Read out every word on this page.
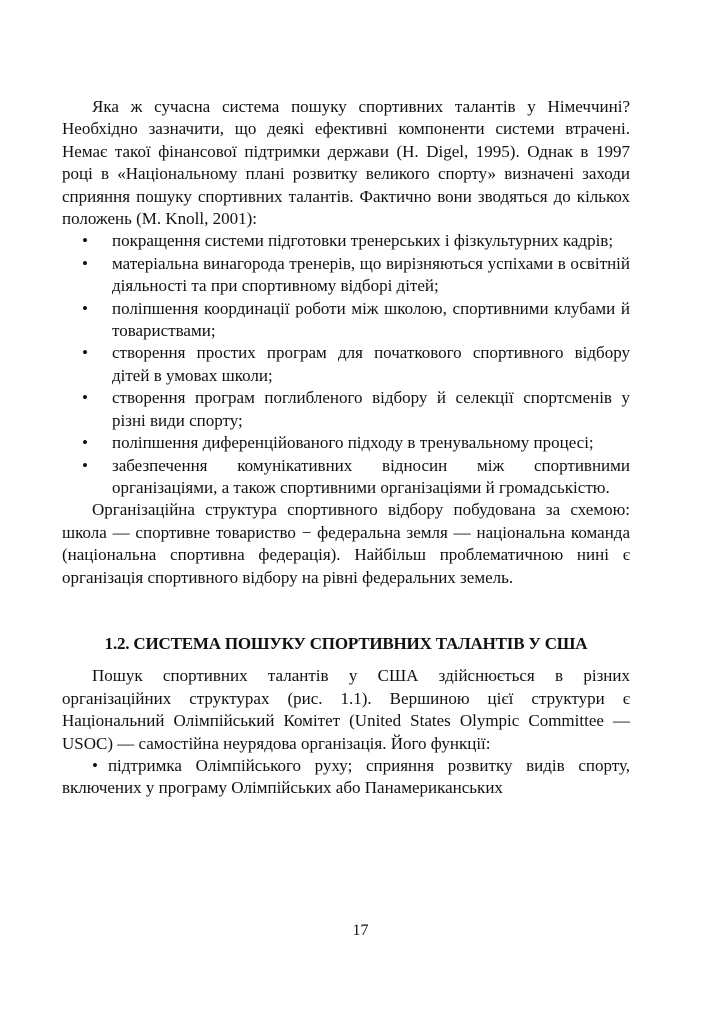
Яка ж сучасна система пошуку спортивних талантів у Німеччині? Необхідно зазначити, що деякі ефективні компоненти системи втрачені. Немає такої фінансової підтримки держави (H. Digel, 1995). Однак в 1997 році в «Національному плані розвитку великого спорту» визначені заходи сприяння пошуку спортивних талантів. Фактично вони зводяться до кількох положень (M. Knoll, 2001):

• покращення системи підготовки тренерських і фізкультурних кадрів;
• матеріальна винагорода тренерів, що вирізняються успіхами в освітній діяльності та при спортивному відборі дітей;
• поліпшення координації роботи між школою, спортивними клубами й товариствами;
• створення простих програм для початкового спортивного відбору дітей в умовах школи;
• створення програм поглибленого відбору й селекції спортсменів у різні види спорту;
• поліпшення диференційованого підходу в тренувальному процесі;
• забезпечення комунікативних відносин між спортивними організаціями, а також спортивними організаціями й громадськістю.

Організаційна структура спортивного відбору побудована за схемою: школа — спортивне товариство − федеральна земля — національна команда (національна спортивна федерація). Найбільш проблематичною нині є організація спортивного відбору на рівні федеральних земель.

1.2. СИСТЕМА ПОШУКУ СПОРТИВНИХ ТАЛАНТІВ У США

Пошук спортивних талантів у США здійснюється в різних організаційних структурах (рис. 1.1). Вершиною цієї структури є Національний Олімпійський Комітет (United States Olympic Committee — USOC) — самостійна неурядова організація. Його функції:

• підтримка Олімпійського руху; сприяння розвитку видів спорту, включених у програму Олімпійських або Панамериканських

17
